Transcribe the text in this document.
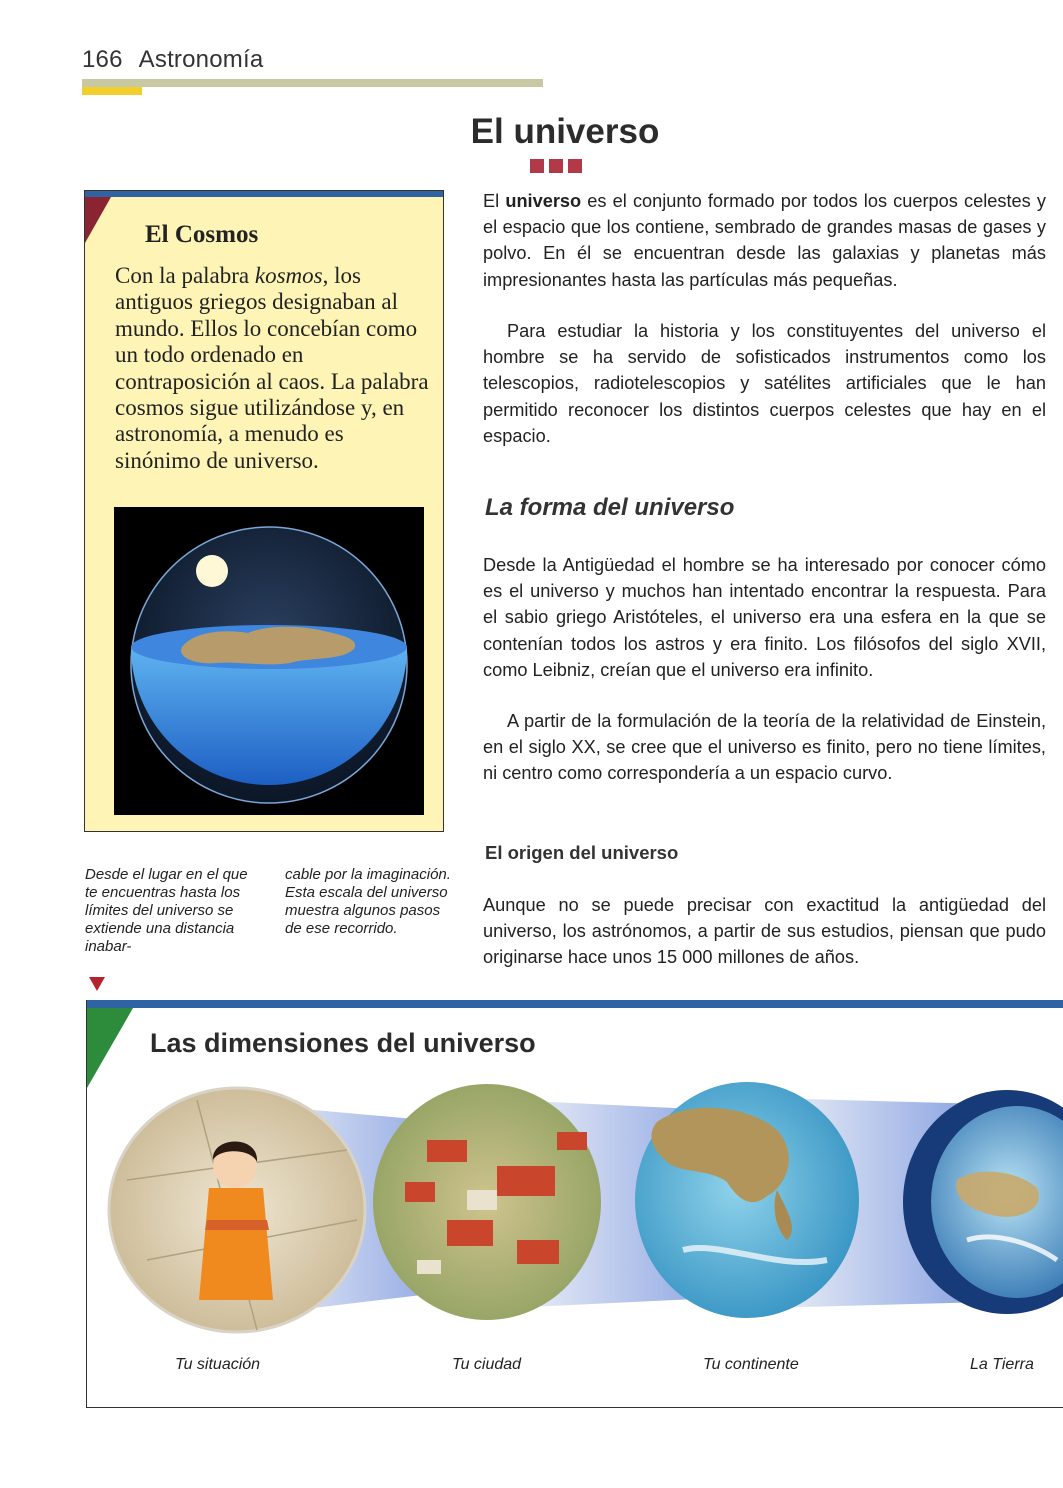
166 Astronomía
El universo
El Cosmos

Con la palabra kosmos, los antiguos griegos designaban al mundo. Ellos lo concebían como un todo ordenado en contraposición al caos. La palabra cosmos sigue utilizándose y, en astronomía, a menudo es sinónimo de universo.

Desde el lugar en el que te encuentras hasta los límites del universo se extiende una distancia inabar-

cable por la imaginación. Esta escala del universo muestra algunos pasos de ese recorrido.

El universo es el conjunto formado por todos los cuerpos celestes y el espacio que los contiene, sembrado de grandes masas de gases y polvo. En él se encuentran desde las galaxias y planetas más impresionantes hasta las partículas más pequeñas.

Para estudiar la historia y los constituyentes del universo el hombre se ha servido de sofisticados instrumentos como los telescopios, radiotelescopios y satélites artificiales que le han permitido reconocer los distintos cuerpos celestes que hay en el espacio.

La forma del universo

Desde la Antigüedad el hombre se ha interesado por conocer cómo es el universo y muchos han intentado encontrar la respuesta. Para el sabio griego Aristóteles, el universo era una esfera en la que se contenían todos los astros y era finito. Los filósofos del siglo XVII, como Leibniz, creían que el universo era infinito.

A partir de la formulación de la teoría de la relatividad de Einstein, en el siglo XX, se cree que el universo es finito, pero no tiene límites, ni centro como correspondería a un espacio curvo.

El origen del universo

Aunque no se puede precisar con exactitud la antigüedad del universo, los astrónomos, a partir de sus estudios, piensan que pudo originarse hace unos 15 000 millones de años.

Las dimensiones del universo

Tu situación	Tu ciudad	Tu continente	La Tierra
